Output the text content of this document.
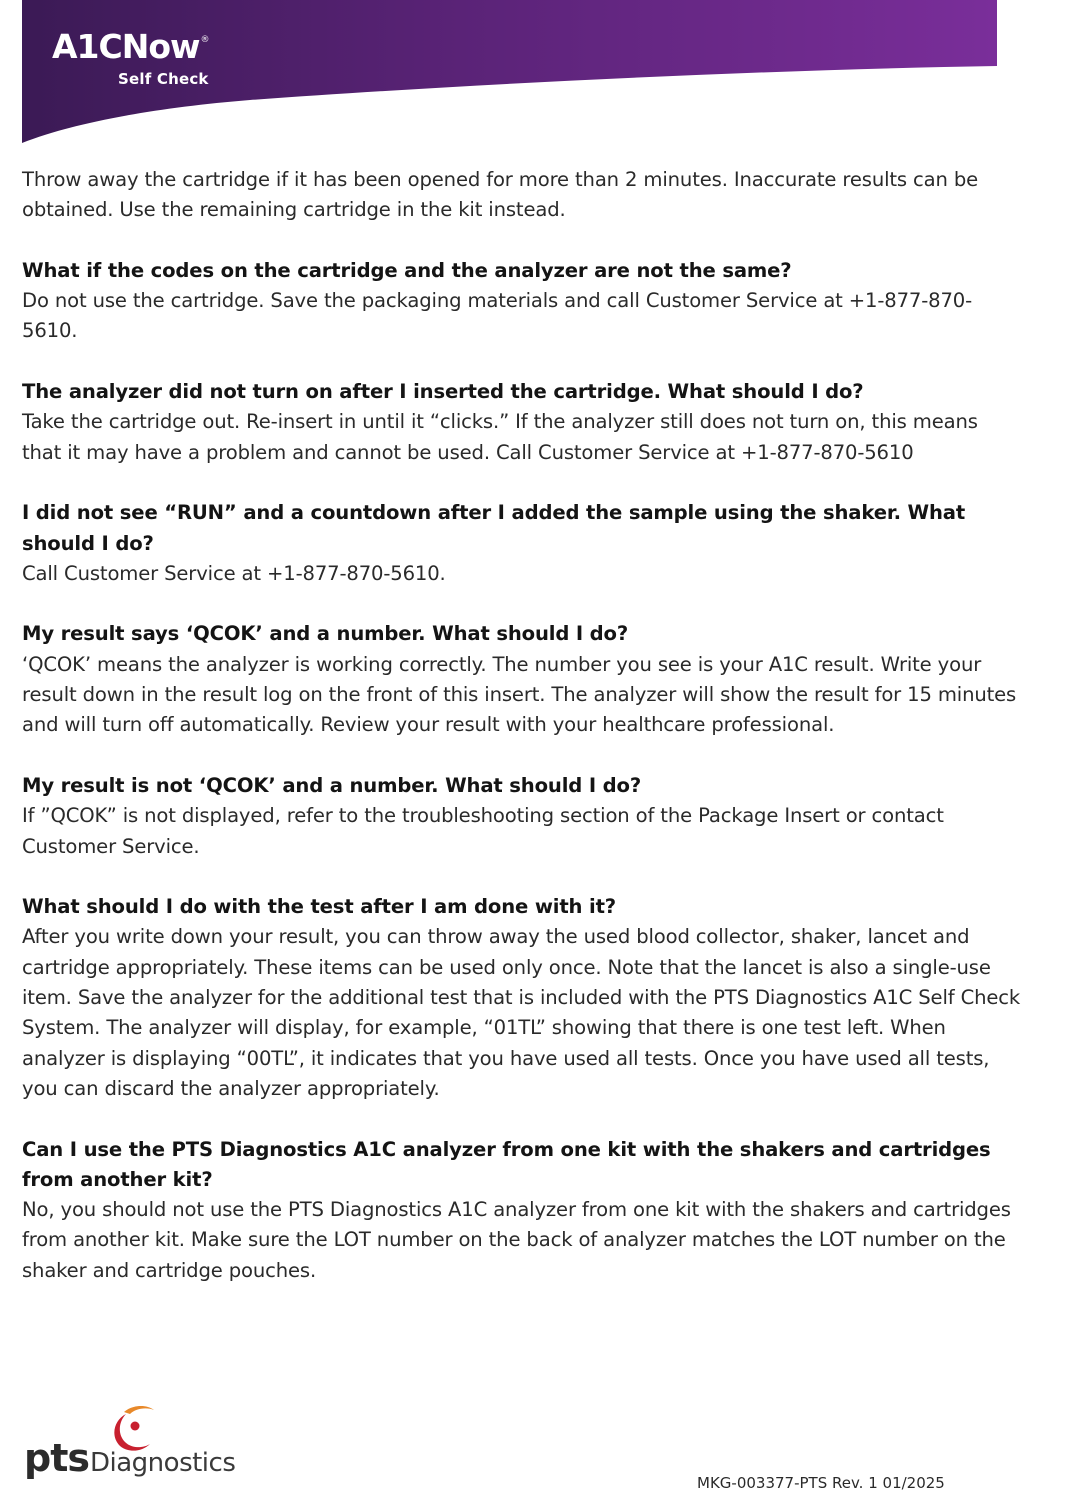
A1CNow®
Self Check

Throw away the cartridge if it has been opened for more than 2 minutes. Inaccurate results can be obtained. Use the remaining cartridge in the kit instead.

What if the codes on the cartridge and the analyzer are not the same?

Do not use the cartridge. Save the packaging materials and call Customer Service at +1-877-870-5610.

The analyzer did not turn on after I inserted the cartridge. What should I do?

Take the cartridge out. Re-insert in until it “clicks.” If the analyzer still does not turn on, this means that it may have a problem and cannot be used. Call Customer Service at +1-877-870-5610

I did not see “RUN” and a countdown after I added the sample using the shaker. What should I do?

Call Customer Service at +1-877-870-5610.

My result says ‘QCOK’ and a number. What should I do?

‘QCOK’ means the analyzer is working correctly. The number you see is your A1C result. Write your result down in the result log on the front of this insert. The analyzer will show the result for 15 minutes and will turn off automatically. Review your result with your healthcare professional.

My result is not ‘QCOK’ and a number. What should I do?

If ”QCOK” is not displayed, refer to the troubleshooting section of the Package Insert or contact Customer Service.

What should I do with the test after I am done with it?

After you write down your result, you can throw away the used blood collector, shaker, lancet and cartridge appropriately. These items can be used only once. Note that the lancet is also a single-use item. Save the analyzer for the additional test that is included with the PTS Diagnostics A1C Self Check System. The analyzer will display, for example, “01TL” showing that there is one test left. When analyzer is displaying “00TL”, it indicates that you have used all tests. Once you have used all tests, you can discard the analyzer appropriately.

Can I use the PTS Diagnostics A1C analyzer from one kit with the shakers and cartridges from another kit?

No, you should not use the PTS Diagnostics A1C analyzer from one kit with the shakers and cartridges from another kit. Make sure the LOT number on the back of analyzer matches the LOT number on the shaker and cartridge pouches.

pts Diagnostics
MKG-003377-PTS Rev. 1 01/2025
